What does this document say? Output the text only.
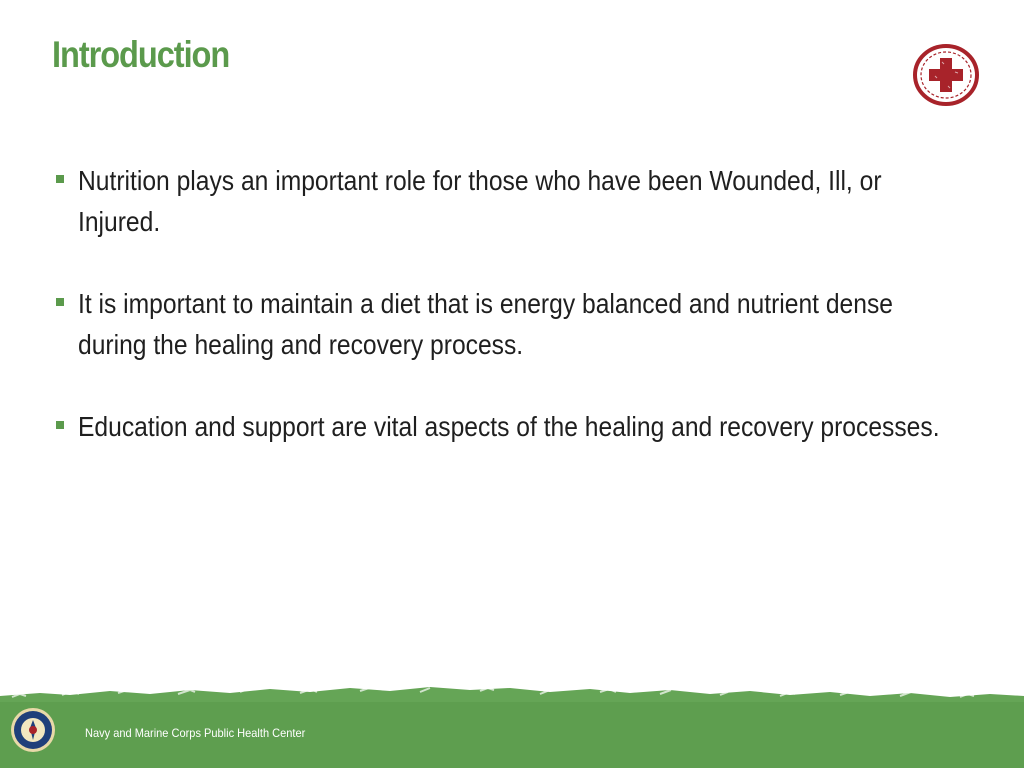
Introduction
Nutrition plays an important role for those who have been Wounded, Ill, or Injured.
It is important to maintain a diet that is energy balanced and nutrient dense during the healing and recovery process.
Education and support are vital aspects of the healing and recovery processes.
Navy and Marine Corps Public Health Center
